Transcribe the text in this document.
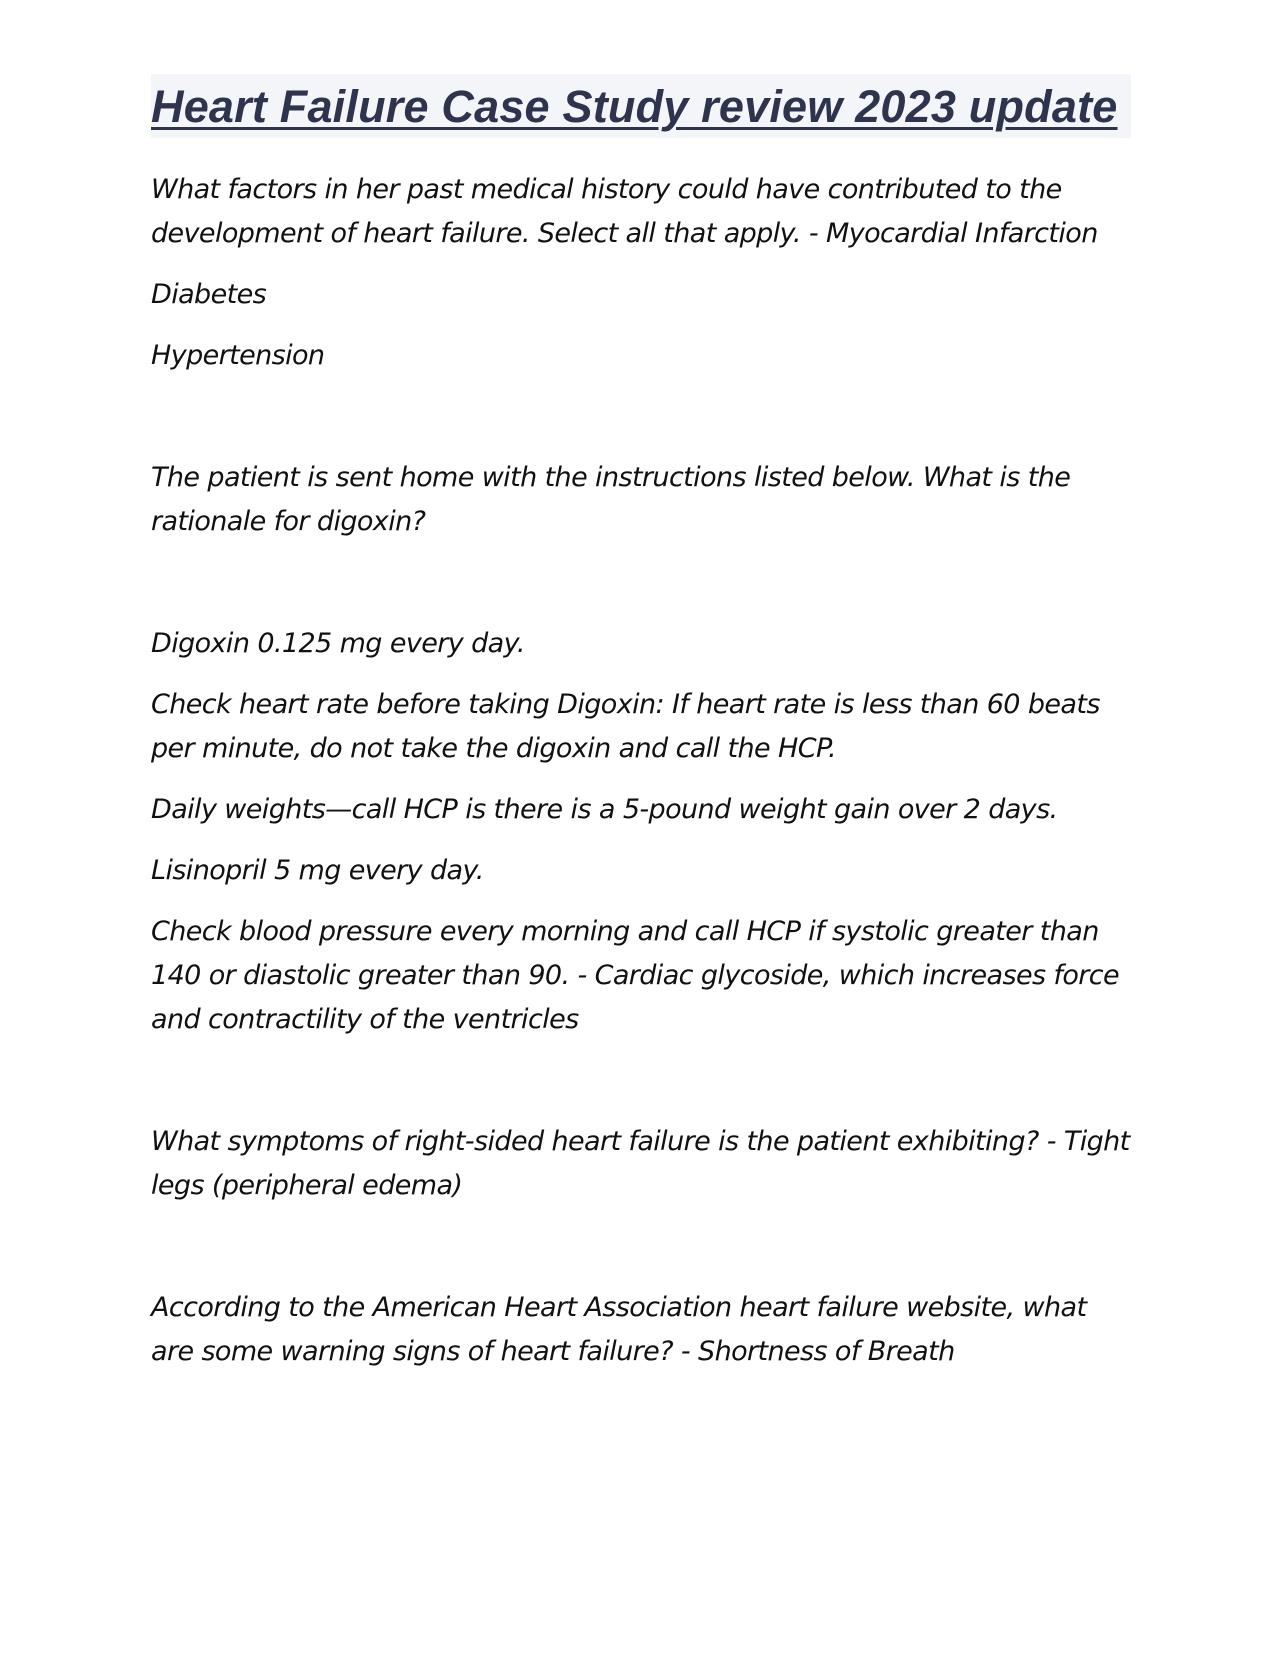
Heart Failure Case Study review 2023 update

What factors in her past medical history could have contributed to the development of heart failure. Select all that apply. - Myocardial Infarction

Diabetes

Hypertension

The patient is sent home with the instructions listed below. What is the rationale for digoxin?

Digoxin 0.125 mg every day.

Check heart rate before taking Digoxin: If heart rate is less than 60 beats per minute, do not take the digoxin and call the HCP.

Daily weights—call HCP is there is a 5-pound weight gain over 2 days.

Lisinopril 5 mg every day.

Check blood pressure every morning and call HCP if systolic greater than 140 or diastolic greater than 90. - Cardiac glycoside, which increases force and contractility of the ventricles

What symptoms of right-sided heart failure is the patient exhibiting? - Tight legs (peripheral edema)

According to the American Heart Association heart failure website, what are some warning signs of heart failure? - Shortness of Breath
